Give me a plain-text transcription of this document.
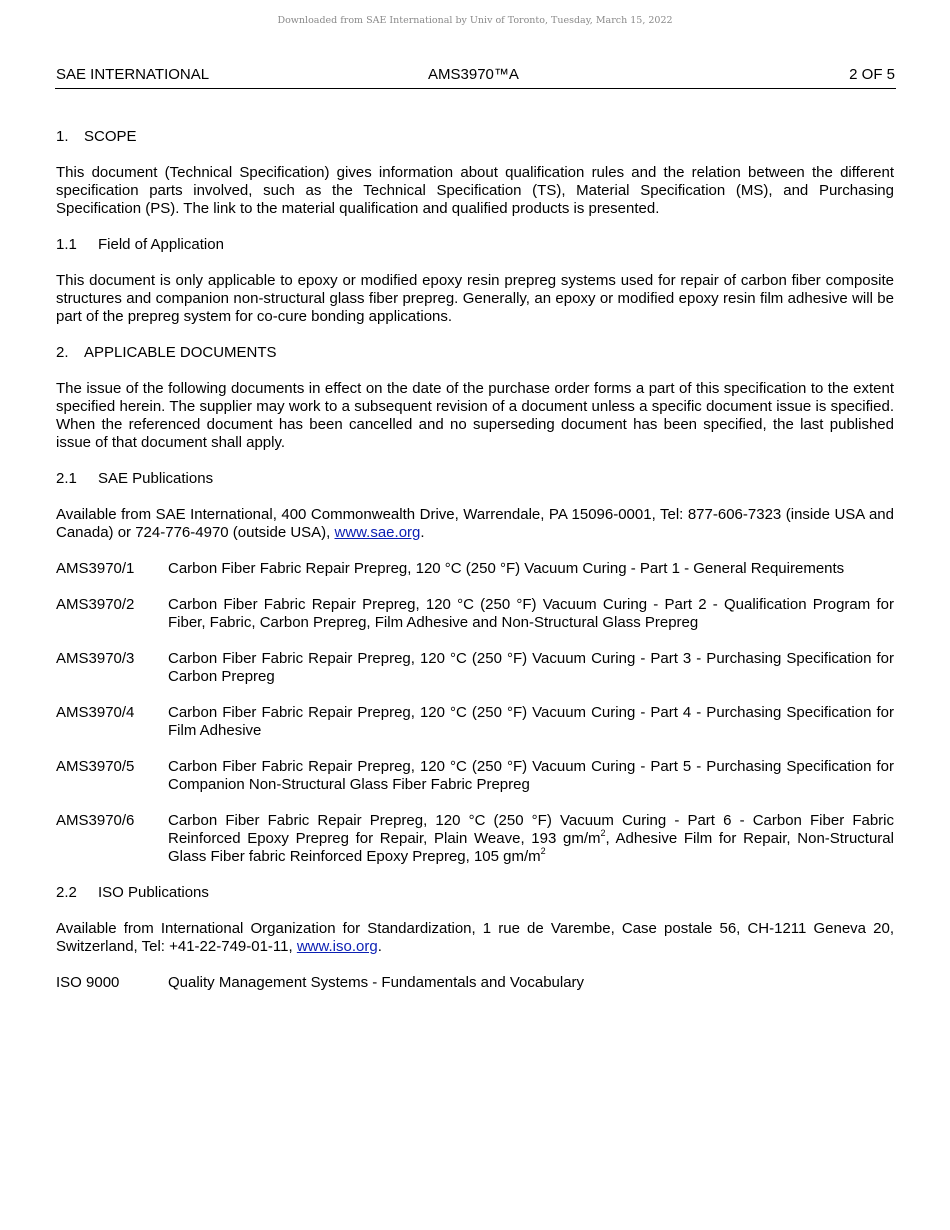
Downloaded from SAE International by Univ of Toronto, Tuesday, March 15, 2022
SAE INTERNATIONAL	AMS3970™A	2 OF 5
1. SCOPE
This document (Technical Specification) gives information about qualification rules and the relation between the different specification parts involved, such as the Technical Specification (TS), Material Specification (MS), and Purchasing Specification (PS). The link to the material qualification and qualified products is presented.
1.1 Field of Application
This document is only applicable to epoxy or modified epoxy resin prepreg systems used for repair of carbon fiber composite structures and companion non-structural glass fiber prepreg. Generally, an epoxy or modified epoxy resin film adhesive will be part of the prepreg system for co-cure bonding applications.
2. APPLICABLE DOCUMENTS
The issue of the following documents in effect on the date of the purchase order forms a part of this specification to the extent specified herein. The supplier may work to a subsequent revision of a document unless a specific document issue is specified. When the referenced document has been cancelled and no superseding document has been specified, the last published issue of that document shall apply.
2.1 SAE Publications
Available from SAE International, 400 Commonwealth Drive, Warrendale, PA 15096-0001, Tel: 877-606-7323 (inside USA and Canada) or 724-776-4970 (outside USA), www.sae.org.
AMS3970/1	Carbon Fiber Fabric Repair Prepreg, 120 °C (250 °F) Vacuum Curing - Part 1 - General Requirements
AMS3970/2	Carbon Fiber Fabric Repair Prepreg, 120 °C (250 °F) Vacuum Curing - Part 2 - Qualification Program for Fiber, Fabric, Carbon Prepreg, Film Adhesive and Non-Structural Glass Prepreg
AMS3970/3	Carbon Fiber Fabric Repair Prepreg, 120 °C (250 °F) Vacuum Curing - Part 3 - Purchasing Specification for Carbon Prepreg
AMS3970/4	Carbon Fiber Fabric Repair Prepreg, 120 °C (250 °F) Vacuum Curing - Part 4 - Purchasing Specification for Film Adhesive
AMS3970/5	Carbon Fiber Fabric Repair Prepreg, 120 °C (250 °F) Vacuum Curing - Part 5 - Purchasing Specification for Companion Non-Structural Glass Fiber Fabric Prepreg
AMS3970/6	Carbon Fiber Fabric Repair Prepreg, 120 °C (250 °F) Vacuum Curing - Part 6 - Carbon Fiber Fabric Reinforced Epoxy Prepreg for Repair, Plain Weave, 193 $gm/m^2$, Adhesive Film for Repair, Non-Structural Glass Fiber fabric Reinforced Epoxy Prepreg, 105 $gm/m^2$
2.2 ISO Publications
Available from International Organization for Standardization, 1 rue de Varembe, Case postale 56, CH-1211 Geneva 20, Switzerland, Tel: +41-22-749-01-11, www.iso.org.
ISO 9000	Quality Management Systems - Fundamentals and Vocabulary
